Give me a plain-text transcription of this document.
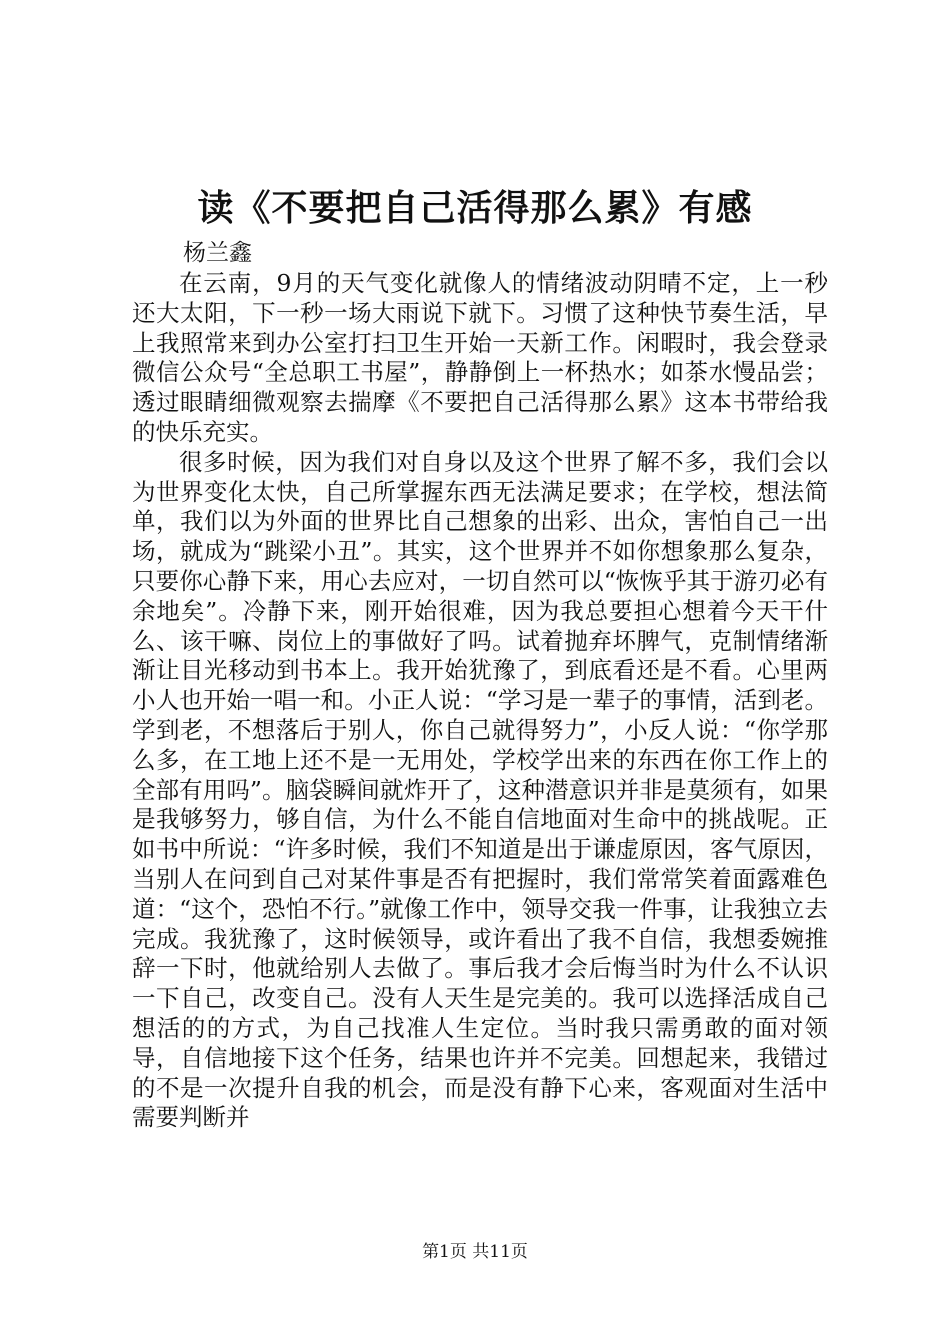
读《不要把自己活得那么累》有感
杨兰鑫

在云南，9月的天气变化就像人的情绪波动阴晴不定，上一秒还大太阳，下一秒一场大雨说下就下。习惯了这种快节奏生活，早上我照常来到办公室打扫卫生开始一天新工作。闲暇时，我会登录微信公众号“全总职工书屋”，静静倒上一杯热水；如茶水慢品尝；透过眼睛细微观察去揣摩《不要把自己活得那么累》这本书带给我的快乐充实。

很多时候，因为我们对自身以及这个世界了解不多，我们会以为世界变化太快，自己所掌握东西无法满足要求；在学校，想法简单，我们以为外面的世界比自己想象的出彩、出众，害怕自己一出场，就成为“跳梁小丑”。其实，这个世界并不如你想象那么复杂，只要你心静下来，用心去应对，一切自然可以“恢恢乎其于游刃必有余地矣”。冷静下来，刚开始很难，因为我总要担心想着今天干什么、该干嘛、岗位上的事做好了吗。试着抛弃坏脾气，克制情绪渐渐让目光移动到书本上。我开始犹豫了，到底看还是不看。心里两小人也开始一唱一和。小正人说：“学习是一辈子的事情，活到老。学到老，不想落后于别人，你自己就得努力”，小反人说：“你学那么多，在工地上还不是一无用处，学校学出来的东西在你工作上的全部有用吗”。脑袋瞬间就炸开了，这种潜意识并非是莫须有，如果是我够努力，够自信，为什么不能自信地面对生命中的挑战呢。正如书中所说：“许多时候，我们不知道是出于谦虚原因，客气原因，当别人在问到自己对某件事是否有把握时，我们常常笑着面露难色道：“这个，恐怕不行。”就像工作中，领导交我一件事，让我独立去完成。我犹豫了，这时候领导，或许看出了我不自信，我想委婉推辞一下时，他就给别人去做了。事后我才会后悔当时为什么不认识一下自己，改变自己。没有人天生是完美的。我可以选择活成自己想活的的方式，为自己找准人生定位。当时我只需勇敢的面对领导，自信地接下这个任务，结果也许并不完美。回想起来，我错过的不是一次提升自我的机会，而是没有静下心来，客观面对生活中需要判断并

第1页 共11页
